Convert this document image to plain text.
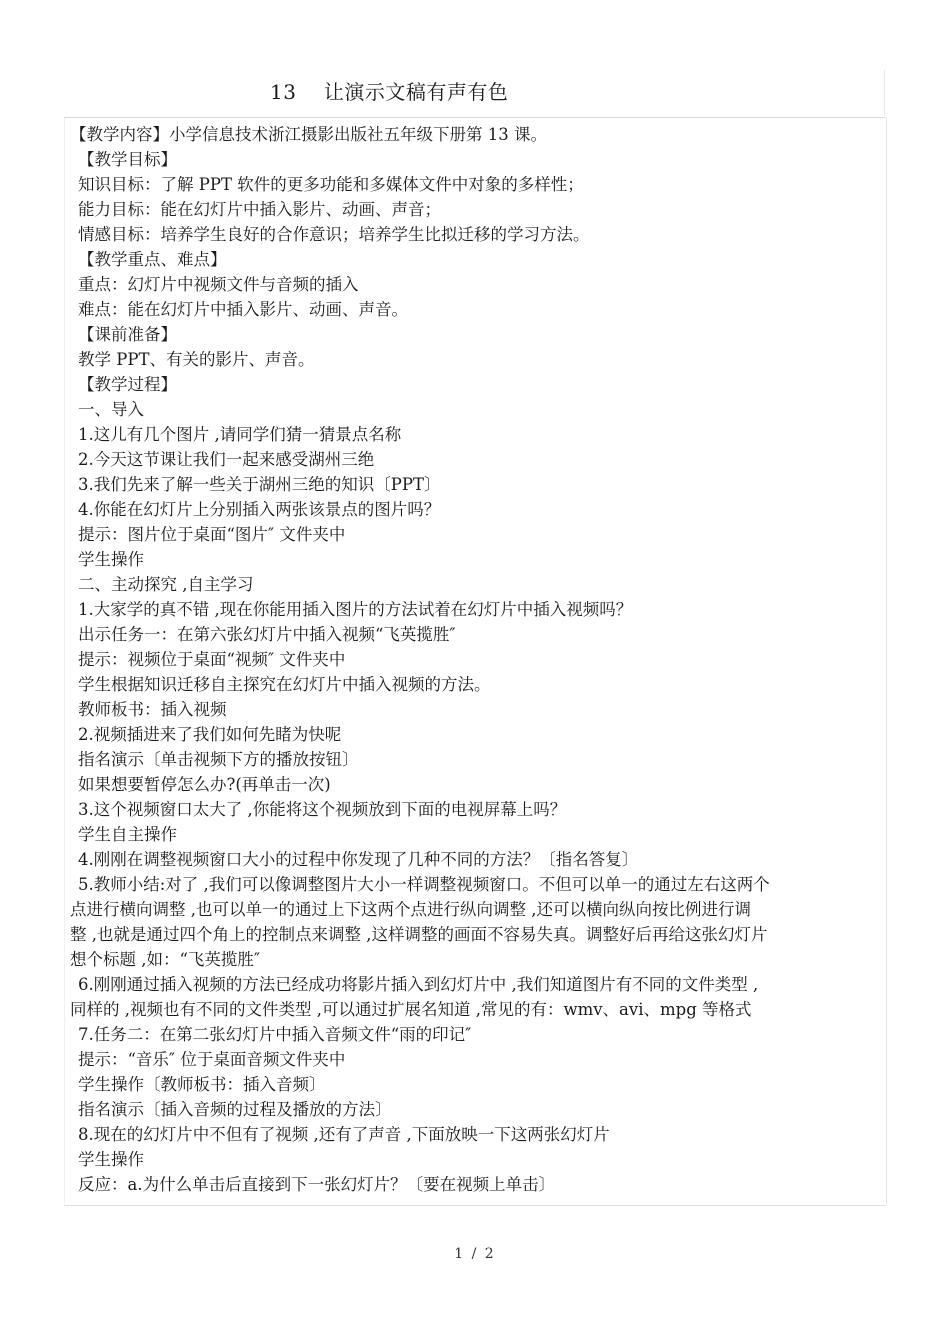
13    让演示文稿有声有色
【教学内容】小学信息技术浙江摄影出版社五年级下册第 13 课。
【教学目标】
知识目标：了解 PPT 软件的更多功能和多媒体文件中对象的多样性；
能力目标：能在幻灯片中插入影片、动画、声音；
情感目标：培养学生良好的合作意识；培养学生比拟迁移的学习方法。
【教学重点、难点】
重点：幻灯片中视频文件与音频的插入
难点：能在幻灯片中插入影片、动画、声音。
【课前准备】
教学 PPT、有关的影片、声音。
【教学过程】
一、导入
1.这儿有几个图片 ,请同学们猜一猜景点名称
2.今天这节课让我们一起来感受湖州三绝
3.我们先来了解一些关于湖州三绝的知识〔PPT〕
4.你能在幻灯片上分别插入两张该景点的图片吗？
提示：图片位于桌面“图片″ 文件夹中
学生操作
二、主动探究 ,自主学习
1.大家学的真不错 ,现在你能用插入图片的方法试着在幻灯片中插入视频吗？
出示任务一：在第六张幻灯片中插入视频“飞英揽胜″
提示：视频位于桌面“视频″ 文件夹中
学生根据知识迁移自主探究在幻灯片中插入视频的方法。
教师板书：插入视频
2.视频插进来了我们如何先睹为快呢
指名演示〔单击视频下方的播放按钮〕
如果想要暂停怎么办?(再单击一次)
3.这个视频窗口太大了 ,你能将这个视频放到下面的电视屏幕上吗？
学生自主操作
4.刚刚在调整视频窗口大小的过程中你发现了几种不同的方法？〔指名答复〕
5.教师小结:对了 ,我们可以像调整图片大小一样调整视频窗口。不但可以单一的通过左右这两个
点进行横向调整 ,也可以单一的通过上下这两个点进行纵向调整 ,还可以横向纵向按比例进行调
整 ,也就是通过四个角上的控制点来调整 ,这样调整的画面不容易失真。调整好后再给这张幻灯片
想个标题 ,如：“飞英揽胜″
6.刚刚通过插入视频的方法已经成功将影片插入到幻灯片中 ,我们知道图片有不同的文件类型 ,
同样的 ,视频也有不同的文件类型 ,可以通过扩展名知道 ,常见的有：wmv、avi、mpg 等格式
7.任务二：在第二张幻灯片中插入音频文件“雨的印记″
提示：“音乐″ 位于桌面音频文件夹中
学生操作〔教师板书：插入音频〕
指名演示〔插入音频的过程及播放的方法〕
8.现在的幻灯片中不但有了视频 ,还有了声音 ,下面放映一下这两张幻灯片
学生操作
反应：a.为什么单击后直接到下一张幻灯片？〔要在视频上单击〕
1 / 2
